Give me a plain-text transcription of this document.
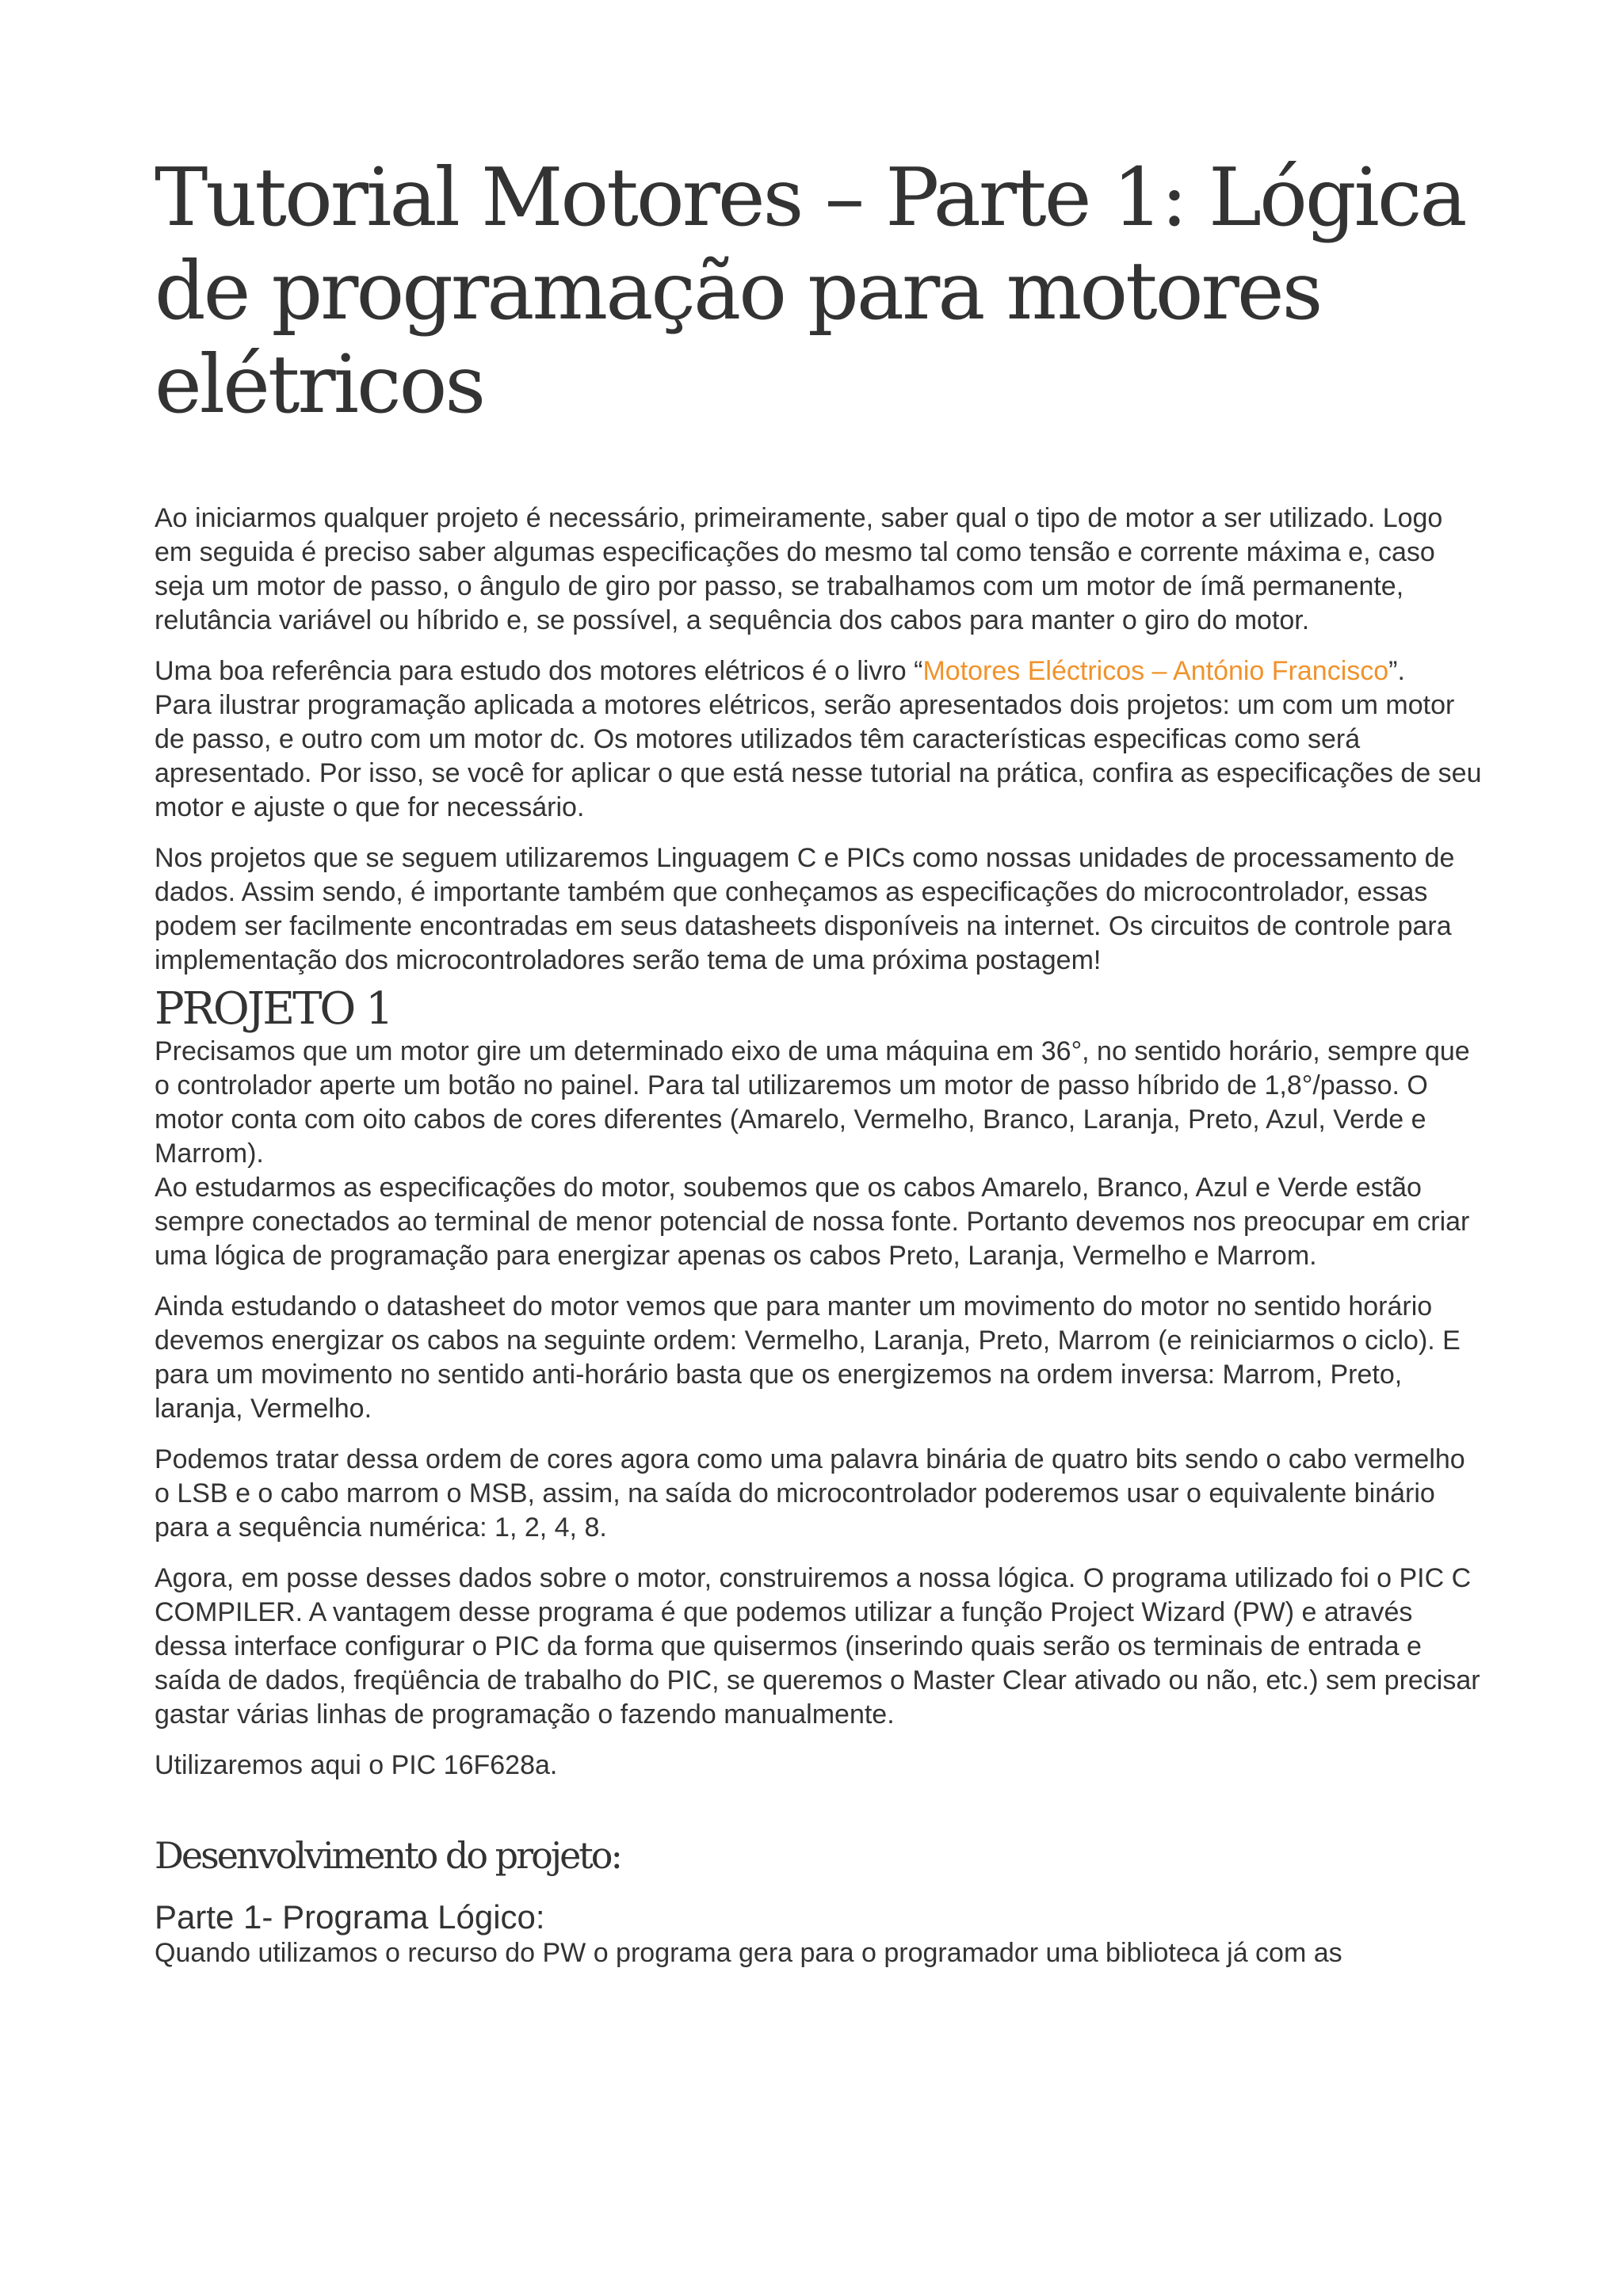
Tutorial Motores – Parte 1: Lógica de programação para motores elétricos

Ao iniciarmos qualquer projeto é necessário, primeiramente, saber qual o tipo de motor a ser utilizado. Logo em seguida é preciso saber algumas especificações do mesmo tal como tensão e corrente máxima e, caso seja um motor de passo, o ângulo de giro por passo, se trabalhamos com um motor de ímã permanente, relutância variável ou híbrido e, se possível, a sequência dos cabos para manter o giro do motor.

Uma boa referência para estudo dos motores elétricos é o livro “Motores Eléctricos – António Francisco”.

Para ilustrar programação aplicada a motores elétricos, serão apresentados dois projetos: um com um motor de passo, e outro com um motor dc. Os motores utilizados têm características especificas como será apresentado. Por isso, se você for aplicar o que está nesse tutorial na prática, confira as especificações de seu motor e ajuste o que for necessário.

Nos projetos que se seguem utilizaremos Linguagem C e PICs como nossas unidades de processamento de dados. Assim sendo, é importante também que conheçamos as especificações do microcontrolador, essas podem ser facilmente encontradas em seus datasheets disponíveis na internet. Os circuitos de controle para implementação dos microcontroladores serão tema de uma próxima postagem!

PROJETO 1

Precisamos que um motor gire um determinado eixo de uma máquina em 36°, no sentido horário, sempre que o controlador aperte um botão no painel. Para tal utilizaremos um motor de passo híbrido de 1,8°/passo. O motor conta com oito cabos de cores diferentes (Amarelo, Vermelho, Branco, Laranja, Preto, Azul, Verde e Marrom).

Ao estudarmos as especificações do motor, soubemos que os cabos Amarelo, Branco, Azul e Verde estão sempre conectados ao terminal de menor potencial de nossa fonte. Portanto devemos nos preocupar em criar uma lógica de programação para energizar apenas os cabos Preto, Laranja, Vermelho e Marrom.

Ainda estudando o datasheet do motor vemos que para manter um movimento do motor no sentido horário devemos energizar os cabos na seguinte ordem: Vermelho, Laranja, Preto, Marrom (e reiniciarmos o ciclo). E para um movimento no sentido anti-horário basta que os energizemos na ordem inversa: Marrom, Preto, laranja, Vermelho.

Podemos tratar dessa ordem de cores agora como uma palavra binária de quatro bits sendo o cabo vermelho o LSB e o cabo marrom o MSB, assim, na saída do microcontrolador poderemos usar o equivalente binário para a sequência numérica: 1, 2, 4, 8.

Agora, em posse desses dados sobre o motor, construiremos a nossa lógica. O programa utilizado foi o PIC C COMPILER. A vantagem desse programa é que podemos utilizar a função Project Wizard (PW) e através dessa interface configurar o PIC da forma que quisermos (inserindo quais serão os terminais de entrada e saída de dados, freqüência de trabalho do PIC, se queremos o Master Clear ativado ou não, etc.) sem precisar gastar várias linhas de programação o fazendo manualmente.

Utilizaremos aqui o PIC 16F628a.

Desenvolvimento do projeto:
Parte 1- Programa Lógico:

Quando utilizamos o recurso do PW o programa gera para o programador uma biblioteca já com as
